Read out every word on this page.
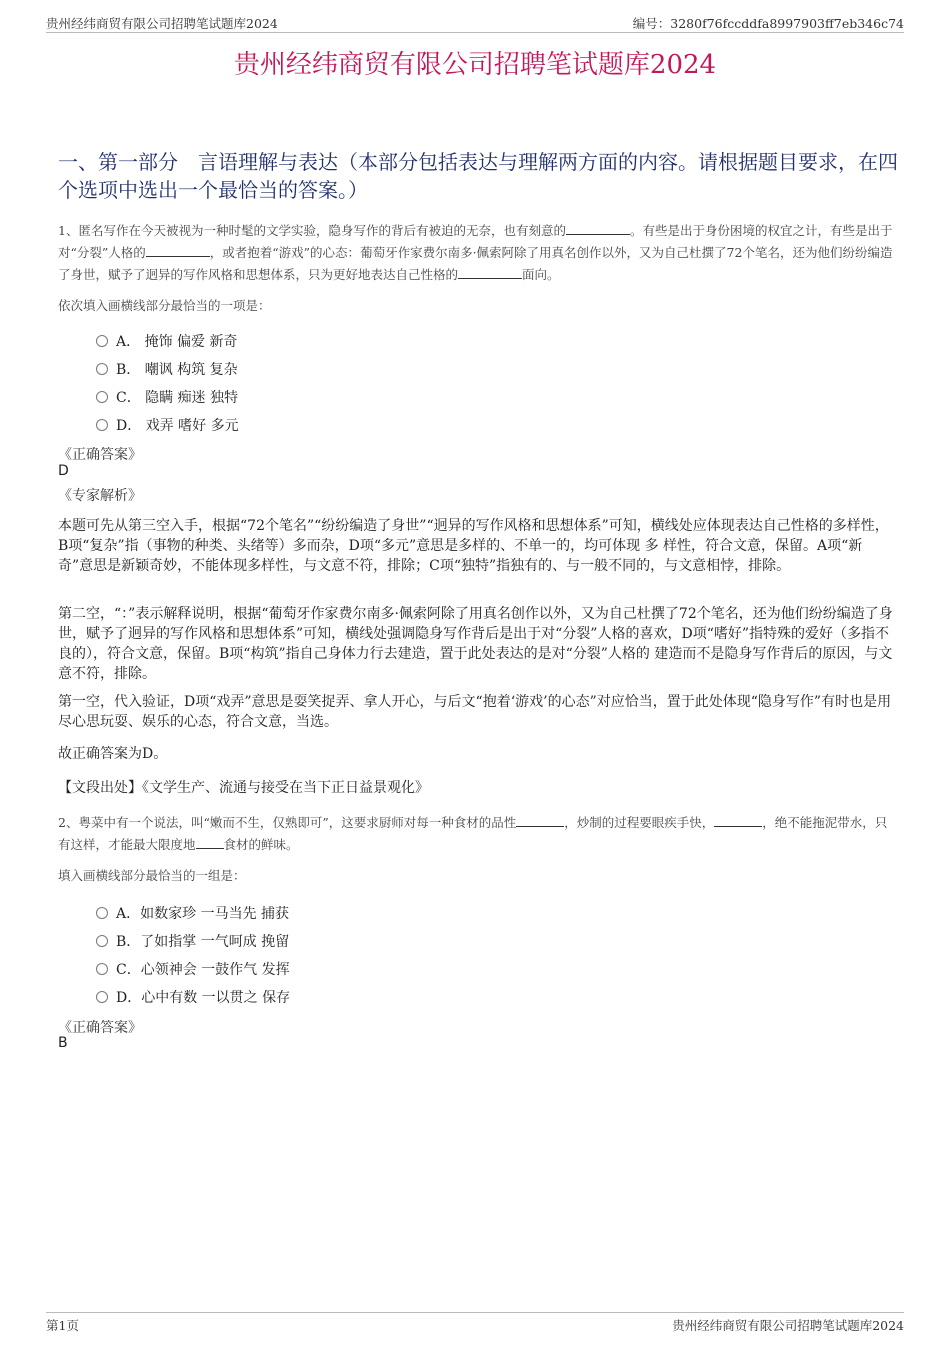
贵州经纬商贸有限公司招聘笔试题库2024	编号：3280f76fccddfa8997903ff7eb346c74
贵州经纬商贸有限公司招聘笔试题库2024
一、第一部分　言语理解与表达（本部分包括表达与理解两方面的内容。请根据题目要求，在四个选项中选出一个最恰当的答案。）
1、匿名写作在今天被视为一种时髦的文学实验，隐身写作的背后有被迫的无奈，也有刻意的	。有些是出于身份困境的权宜之计，有些是出于对“分裂”人格的	，或者抱着“游戏”的心态：葡萄牙作家费尔南多·佩索阿除了用真名创作以外，又为自己杜撰了72个笔名，还为他们纷纷编造了身世，赋予了迥异的写作风格和思想体系，只为更好地表达自己性格的	面向。
依次填入画横线部分最恰当的一项是：
A． 掩饰 偏爱 新奇
B． 嘲讽 构筑 复杂
C． 隐瞒 痴迷 独特
D． 戏弄 嗜好 多元
《正确答案》
D
《专家解析》
本题可先从第三空入手，根据“72个笔名”“纷纷编造了身世”“迥异的写作风格和思想体系”可知，横线处应体现表达自己性格的多样性，B项“复杂”指（事物的种类、头绪等）多而杂，D项“多元”意思是多样的、不单一的，均可体现 多 样性，符合文意，保留。A项“新奇”意思是新颖奇妙，不能体现多样性，与文意不符，排除；C项“独特”指独有的、与一般不同的，与文意相悖，排除。
第二空，“：”表示解释说明，根据“葡萄牙作家费尔南多·佩索阿除了用真名创作以外，又为自己杜撰了72个笔名，还为他们纷纷编造了身世，赋予了迥异的写作风格和思想体系”可知，横线处强调隐身写作背后是出于对“分裂”人格的喜欢，D项“嗜好”指特殊的爱好（多指不良的），符合文意，保留。B项“构筑”指自己身体力行去建造，置于此处表达的是对“分裂”人格的 建造而不是隐身写作背后的原因，与文意不符，排除。
第一空，代入验证，D项“戏弄”意思是耍笑捉弄、拿人开心，与后文“抱着‘游戏’的心态”对应恰当，置于此处体现“隐身写作”有时也是用尽心思玩耍、娱乐的心态，符合文意，当选。
故正确答案为D。
【文段出处】《文学生产、流通与接受在当下正日益景观化》
2、粤菜中有一个说法，叫“嫩而不生，仅熟即可”，这要求厨师对每一种食材的品性	，炒制的过程要眼疾手快，	，绝不能拖泥带水，只有这样，才能最大限度地 食材的鲜味。
填入画横线部分最恰当的一组是：
A．如数家珍 一马当先 捕获
B．了如指掌 一气呵成 挽留
C．心领神会 一鼓作气 发挥
D．心中有数 一以贯之 保存
《正确答案》
B
第1页	贵州经纬商贸有限公司招聘笔试题库2024
